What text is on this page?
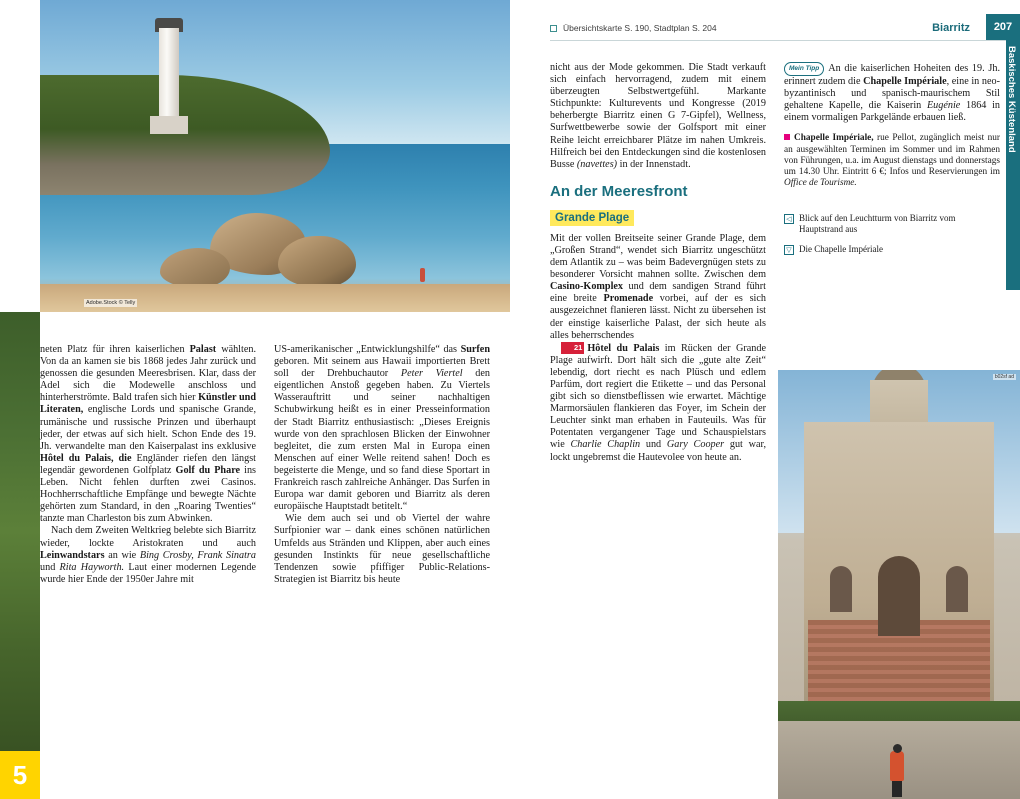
Adobe.Stock © Telly
5

neten Platz für ihren kaiserlichen Palast wählten. Von da an kamen sie bis 1868 jedes Jahr zurück und genossen die gesunden Meeresbrisen. Klar, dass der Adel sich die Modewelle anschloss und hinterherströmte. Bald trafen sich hier Künstler und Literaten, englische Lords und spanische Grande, rumänische und russische Prinzen und überhaupt jeder, der etwas auf sich hielt. Schon Ende des 19. Jh. verwandelte man den Kaiserpalast ins exklusive Hôtel du Palais, die Engländer riefen den längst legendär gewordenen Golfplatz Golf du Phare ins Leben. Nicht fehlen durften zwei Casinos. Hochherrschaftliche Empfänge und bewegte Nächte gehörten zum Standard, in den „Roaring Twenties“ tanzte man Charleston bis zum Abwinken.

Nach dem Zweiten Weltkrieg belebte sich Biarritz wieder, lockte Aristokraten und auch Leinwandstars an wie Bing Crosby, Frank Sinatra und Rita Hayworth. Laut einer modernen Legende wurde hier Ende der 1950er Jahre mit

US-amerikanischer „Entwicklungshilfe“ das Surfen geboren. Mit seinem aus Hawaii importierten Brett soll der Drehbuchautor Peter Viertel den eigentlichen Anstoß gegeben haben. Zu Viertels Wasserauftritt und seiner nachhaltigen Schubwirkung heißt es in einer Presseinformation der Stadt Biarritz enthusiastisch: „Dieses Ereignis wurde von den sprachlosen Blicken der Einwohner begleitet, die zum ersten Mal in Europa einen Menschen auf einer Welle reitend sahen! Doch es begeisterte die Menge, und so fand diese Sportart in Frankreich rasch zahlreiche Anhänger. Das Surfen in Europa war damit geboren und Biarritz als deren europäische Hauptstadt betitelt.“

Wie dem auch sei und ob Viertel der wahre Surfpionier war – dank eines schönen natürlichen Umfelds aus Stränden und Klippen, aber auch eines gesunden Instinkts für neue gesellschaftliche Tendenzen sowie pfiffiger Public-Relations-Strategien ist Biarritz bis heute

Übersichtskarte S. 190, Stadtplan S. 204	Biarritz	207
Baskisches Küstenland

nicht aus der Mode gekommen. Die Stadt verkauft sich einfach hervorragend, zudem mit einem überzeugten Selbstwertgefühl. Markante Stichpunkte: Kulturevents und Kongresse (2019 beherbergte Biarritz einen G 7-Gipfel), Wellness, Surfwettbewerbe sowie der Golfsport mit einer Reihe leicht erreichbarer Plätze im nahen Umkreis. Hilfreich bei den Entdeckungen sind die kostenlosen Busse (navettes) in der Innenstadt.

An der Meeresfront
Grande Plage

Mit der vollen Breitseite seiner Grande Plage, dem „Großen Strand“, wendet sich Biarritz ungeschützt dem Atlantik zu – was beim Badevergnügen stets zu besonderer Vorsicht mahnen sollte. Zwischen dem Casino-Komplex und dem sandigen Strand führt eine breite Promenade vorbei, auf der es sich ausgezeichnet flanieren lässt. Nicht zu übersehen ist der einstige kaiserliche Palast, der sich heute als alles beherrschendes

21 Hôtel du Palais im Rücken der Grande Plage aufwirft. Dort hält sich die „gute alte Zeit“ lebendig, dort riecht es nach Plüsch und edlem Parfüm, dort regiert die Etikette – und das Personal gibt sich so dienstbeflissen wie erwartet. Mächtige Marmorsäulen flankieren das Foyer, im Schein der Leuchter sinkt man erhaben in Fauteuils. Was für Potentaten vergangener Tage und Schauspielstars wie Charlie Chaplin und Gary Cooper gut war, lockt ungebremst die Hautevolee von heute an.

Mein Tipp An die kaiserlichen Hoheiten des 19. Jh. erinnert zudem die Chapelle Impériale, eine in neo-byzantinisch und spanisch-maurischem Stil gehaltene Kapelle, die Kaiserin Eugénie 1864 in einem vormaligen Parkgelände erbauen ließ.

Chapelle Impériale, rue Pellot, zugänglich meist nur an ausgewählten Terminen im Sommer und im Rahmen von Führungen, u.a. im August dienstags und donnerstags um 14.30 Uhr. Eintritt 6 €; Infos und Reservierungen im Office de Tourisme.

◁ Blick auf den Leuchtturm von Biarritz vom Hauptstrand aus
▽ Die Chapelle Impériale
b02sf ad
